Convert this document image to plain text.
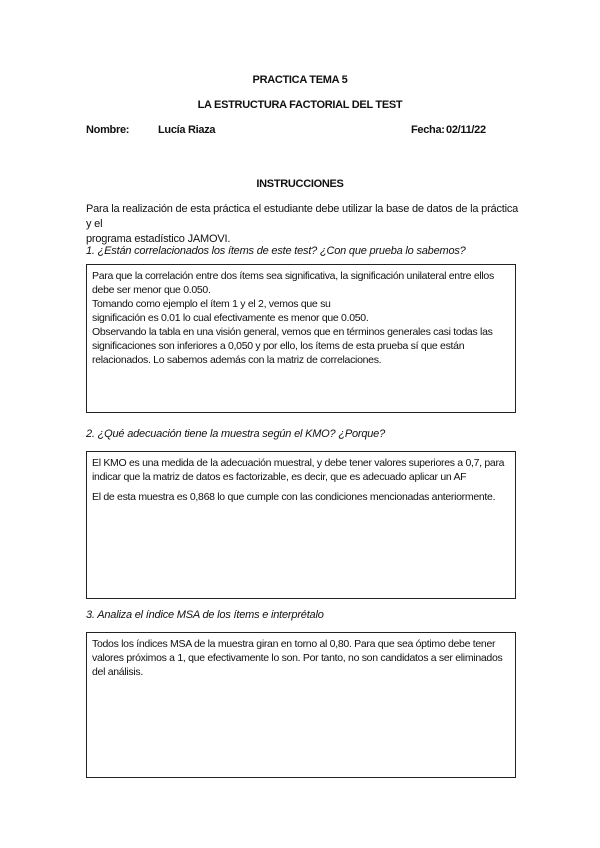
PRACTICA TEMA 5
LA ESTRUCTURA FACTORIAL DEL TEST
Nombre:	Lucía Riaza	Fecha: 02/11/22
INSTRUCCIONES
Para la realización de esta práctica el estudiante debe utilizar la base de datos de la práctica y el
programa estadístico JAMOVI.
1. ¿Están correlacionados los ítems de este test? ¿Con que prueba lo sabemos?

Para que la correlación entre dos ítems sea significativa, la significación unilateral entre ellos

debe ser menor que 0.050.

Tomando como ejemplo el ítem 1 y el 2, vemos que su

significación es 0.01 lo cual efectivamente es menor que 0.050.

Observando la tabla en una visión general, vemos que en términos generales casi todas las

significaciones son inferiores a 0,050 y por ello, los ítems de esta prueba sí que están

relacionados. Lo sabemos además con la matriz de correlaciones.

2. ¿Qué adecuación tiene la muestra según el KMO? ¿Porque?

El KMO es una medida de la adecuación muestral, y debe tener valores superiores a 0,7, para

indicar que la matriz de datos es factorizable, es decir, que es adecuado aplicar un AF

El de esta muestra es 0,868 lo que cumple con las condiciones mencionadas anteriormente.

3. Analiza el índice MSA de los ítems e interprétalo

Todos los índices MSA de la muestra giran en torno al 0,80. Para que sea óptimo debe tener

valores próximos a 1, que efectivamente lo son. Por tanto, no son candidatos a ser eliminados

del análisis.
